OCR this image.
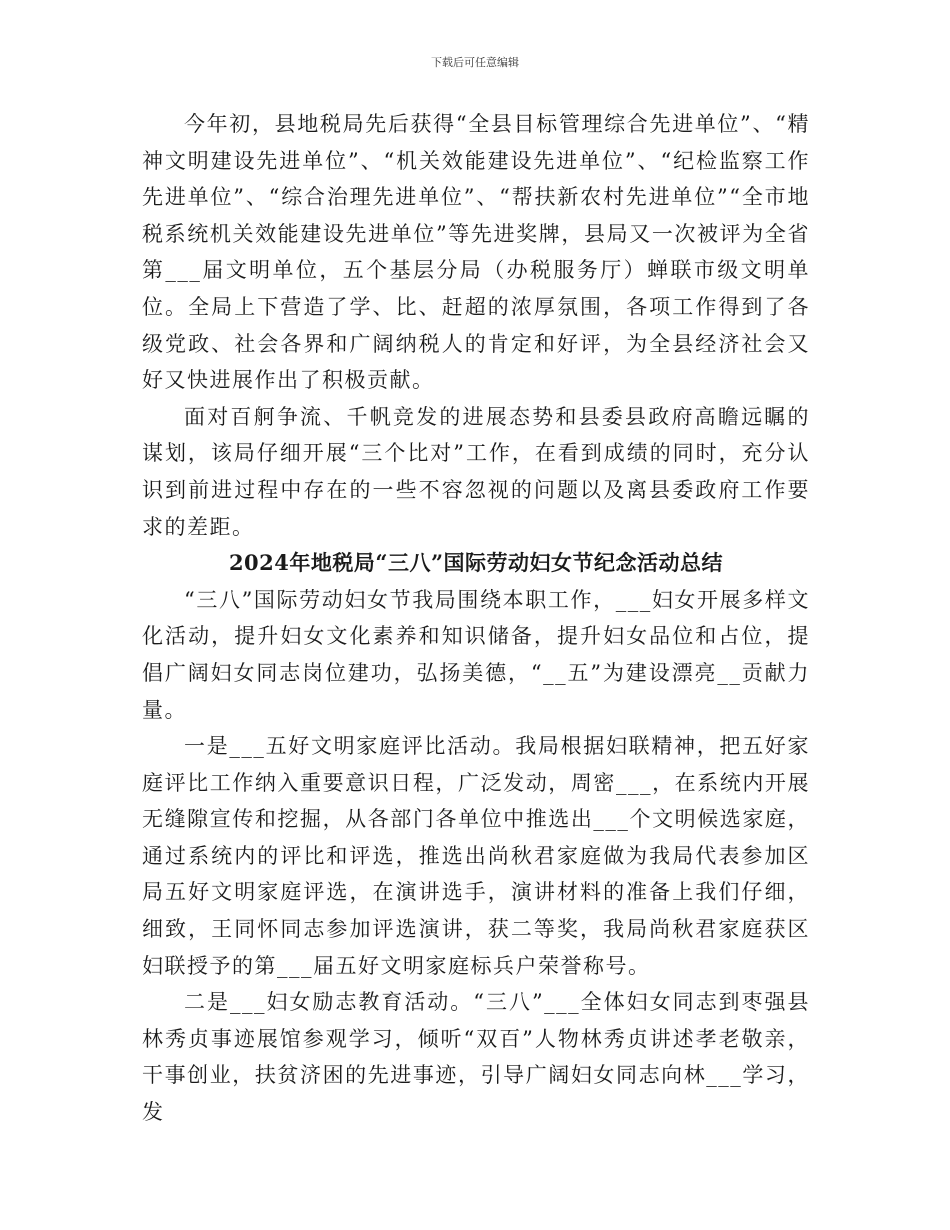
下载后可任意编辑

今年初，县地税局先后获得“全县目标管理综合先进单位”、“精神文明建设先进单位”、“机关效能建设先进单位”、“纪检监察工作先进单位”、“综合治理先进单位”、“帮扶新农村先进单位”“全市地税系统机关效能建设先进单位”等先进奖牌，县局又一次被评为全省第___届文明单位，五个基层分局（办税服务厅）蝉联市级文明单位。全局上下营造了学、比、赶超的浓厚氛围，各项工作得到了各级党政、社会各界和广阔纳税人的肯定和好评，为全县经济社会又好又快进展作出了积极贡献。

面对百舸争流、千帆竞发的进展态势和县委县政府高瞻远瞩的谋划，该局仔细开展“三个比对”工作，在看到成绩的同时，充分认识到前进过程中存在的一些不容忽视的问题以及离县委政府工作要求的差距。

2024年地税局“三八”国际劳动妇女节纪念活动总结

“三八”国际劳动妇女节我局围绕本职工作，___妇女开展多样文化活动，提升妇女文化素养和知识储备，提升妇女品位和占位，提倡广阔妇女同志岗位建功，弘扬美德，“__五”为建设漂亮__贡献力量。

一是___五好文明家庭评比活动。我局根据妇联精神，把五好家庭评比工作纳入重要意识日程，广泛发动，周密___，在系统内开展无缝隙宣传和挖掘，从各部门各单位中推选出___个文明候选家庭，通过系统内的评比和评选，推选出尚秋君家庭做为我局代表参加区局五好文明家庭评选，在演讲选手，演讲材料的准备上我们仔细，细致，王同怀同志参加评选演讲，获二等奖，我局尚秋君家庭获区妇联授予的第___届五好文明家庭标兵户荣誉称号。

二是___妇女励志教育活动。“三八”___全体妇女同志到枣强县林秀贞事迹展馆参观学习，倾听“双百”人物林秀贞讲述孝老敬亲，干事创业，扶贫济困的先进事迹，引导广阔妇女同志向林___学习，发
